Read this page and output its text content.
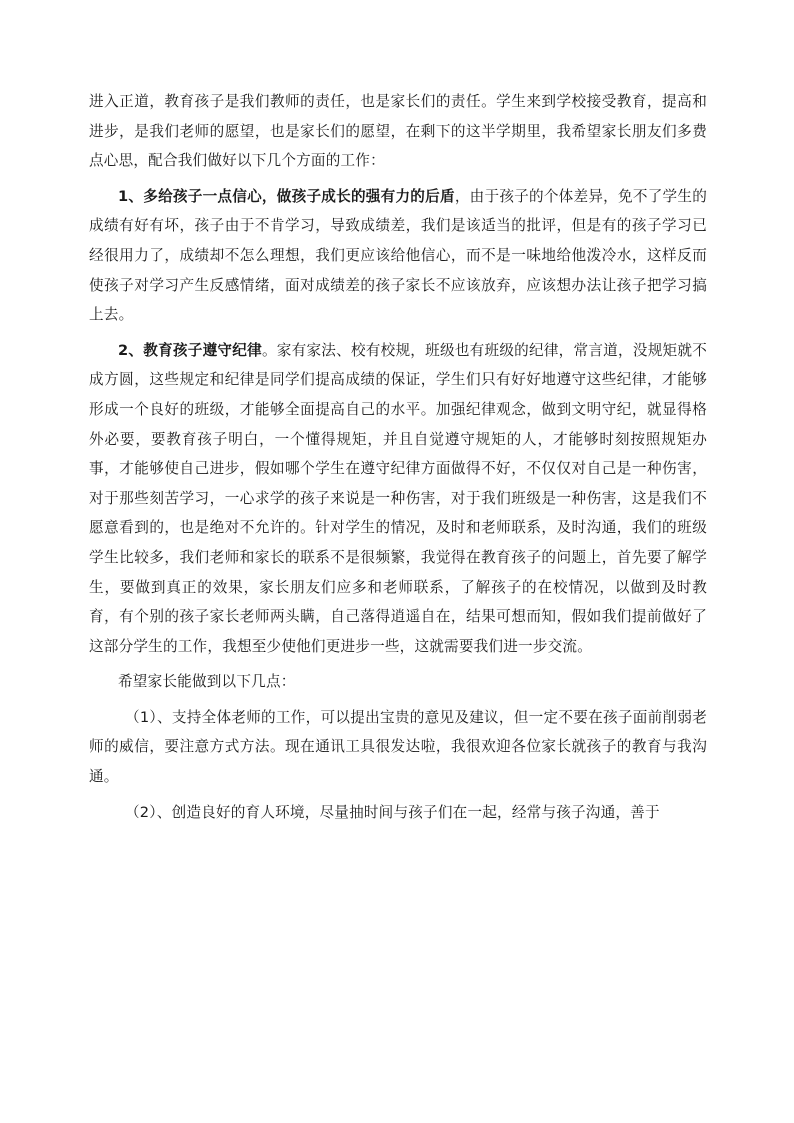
进入正道，教育孩子是我们教师的责任，也是家长们的责任。学生来到学校接受教育，提高和进步，是我们老师的愿望，也是家长们的愿望，在剩下的这半学期里，我希望家长朋友们多费点心思，配合我们做好以下几个方面的工作：

1、多给孩子一点信心，做孩子成长的强有力的后盾，由于孩子的个体差异，免不了学生的成绩有好有坏，孩子由于不肯学习，导致成绩差，我们是该适当的批评，但是有的孩子学习已经很用力了，成绩却不怎么理想，我们更应该给他信心，而不是一味地给他泼冷水，这样反而使孩子对学习产生反感情绪，面对成绩差的孩子家长不应该放弃，应该想办法让孩子把学习搞上去。

2、教育孩子遵守纪律。家有家法、校有校规，班级也有班级的纪律，常言道，没规矩就不成方圆，这些规定和纪律是同学们提高成绩的保证，学生们只有好好地遵守这些纪律，才能够形成一个良好的班级，才能够全面提高自己的水平。加强纪律观念，做到文明守纪，就显得格外必要，要教育孩子明白，一个懂得规矩，并且自觉遵守规矩的人，才能够时刻按照规矩办事，才能够使自己进步，假如哪个学生在遵守纪律方面做得不好，不仅仅对自己是一种伤害，对于那些刻苦学习，一心求学的孩子来说是一种伤害，对于我们班级是一种伤害，这是我们不愿意看到的，也是绝对不允许的。针对学生的情况，及时和老师联系，及时沟通，我们的班级学生比较多，我们老师和家长的联系不是很频繁，我觉得在教育孩子的问题上，首先要了解学生，要做到真正的效果，家长朋友们应多和老师联系，了解孩子的在校情况，以做到及时教育，有个别的孩子家长老师两头瞒，自己落得逍遥自在，结果可想而知，假如我们提前做好了这部分学生的工作，我想至少使他们更进步一些，这就需要我们进一步交流。

希望家长能做到以下几点：

（1）、支持全体老师的工作，可以提出宝贵的意见及建议，但一定不要在孩子面前削弱老师的威信，要注意方式方法。现在通讯工具很发达啦，我很欢迎各位家长就孩子的教育与我沟通。

（2）、创造良好的育人环境，尽量抽时间与孩子们在一起，经常与孩子沟通，善于
